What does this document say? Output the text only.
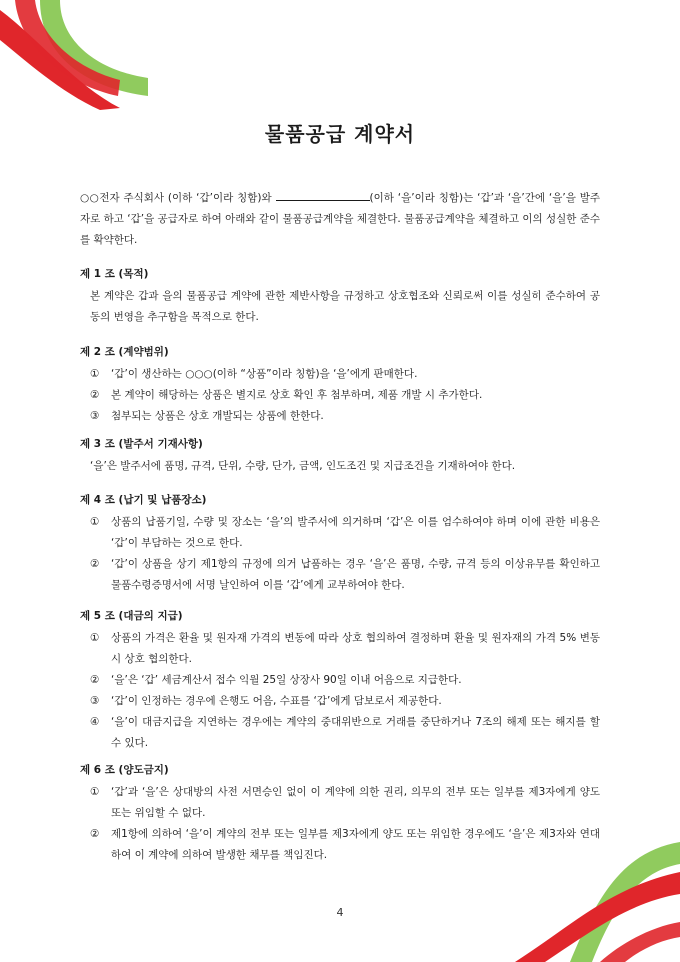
물품공급 계약서
○○전자 주식회사 (이하 ‘갑’이라 칭함)와	(이하 ‘을’이라 칭함)는 ‘갑’과 ‘을’간에 ‘을’을 발주자로 하고 ‘갑’을 공급자로 하여 아래와 같이 물품공급계약을 체결한다. 물품공급계약을 체결하고 이의 성실한 준수를 확약한다.
제 1 조 (목적)
본 계약은 갑과 을의 물품공급 계약에 관한 제반사항을 규정하고 상호협조와 신뢰로써 이를 성실히 준수하여 공동의 번영을 추구함을 목적으로 한다.
제 2 조 (계약범위)
①	‘갑’이 생산하는 ○○○(이하 “상품”이라 칭함)을 ‘을’에게 판매한다.
②	본 계약이 해당하는 상품은 별지로 상호 확인 후 첨부하며, 제품 개발 시 추가한다.
③	첨부되는 상품은 상호 개발되는 상품에 한한다.
제 3 조 (발주서 기재사항)
‘을’은 발주서에 품명, 규격, 단위, 수량, 단가, 금액, 인도조건 및 지급조건을 기재하여야 한다.
제 4 조 (납기 및 납품장소)
①	상품의 납품기일, 수량 및 장소는 ‘을’의 발주서에 의거하며 ‘갑’은 이를 엄수하여야 하며 이에 관한 비용은 ‘갑’이 부담하는 것으로 한다.
②	‘갑’이 상품을 상기 제1항의 규정에 의거 납품하는 경우 ‘을’은 품명, 수량, 규격 등의 이상유무를 확인하고 물품수령증명서에 서명 날인하여 이를 ‘갑’에게 교부하여야 한다.
제 5 조 (대금의 지급)
①	상품의 가격은 환율 및 원자재 가격의 변동에 따라 상호 협의하여 결정하며 환율 및 원자재의 가격 5% 변동 시 상호 협의한다.
②	‘을’은 ‘갑’ 세금계산서 접수 익월 25일 상장사 90일 이내 어음으로 지급한다.
③	‘갑’이 인정하는 경우에 은행도 어음, 수표를 ‘갑’에게 담보로서 제공한다.
④	‘을’이 대금지급을 지연하는 경우에는 계약의 중대위반으로 거래를 중단하거나 7조의 해제 또는 해지를 할 수 있다.
제 6 조 (양도금지)
①	‘갑’과 ‘을’은 상대방의 사전 서면승인 없이 이 계약에 의한 권리, 의무의 전부 또는 일부를 제3자에게 양도 또는 위임할 수 없다.
②	제1항에 의하여 ‘을’이 계약의 전부 또는 일부를 제3자에게 양도 또는 위임한 경우에도 ‘을’은 제3자와 연대하여 이 계약에 의하여 발생한 채무를 책임진다.
4
